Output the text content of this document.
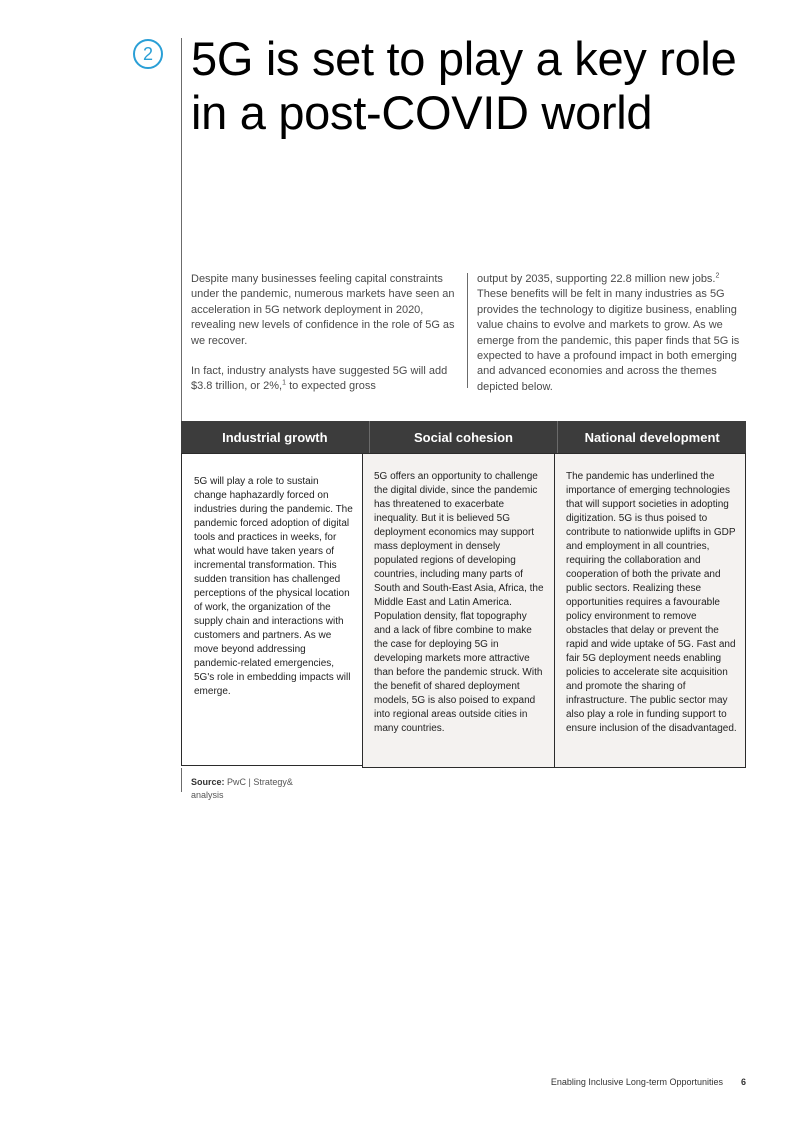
2 5G is set to play a key role in a post-COVID world

Despite many businesses feeling capital constraints under the pandemic, numerous markets have seen an acceleration in 5G network deployment in 2020, revealing new levels of confidence in the role of 5G as we recover.

In fact, industry analysts have suggested 5G will add $3.8 trillion, or 2%,$^1$ to expected gross

output by 2035, supporting 22.8 million new jobs.$^2$ These benefits will be felt in many industries as 5G provides the technology to digitize business, enabling value chains to evolve and markets to grow. As we emerge from the pandemic, this paper finds that 5G is expected to have a profound impact in both emerging and advanced economies and across the themes depicted below.

Industrial growth	Social cohesion	National development

5G will play a role to sustain change haphazardly forced on industries during the pandemic. The pandemic forced adoption of digital tools and practices in weeks, for what would have taken years of incremental transformation. This sudden transition has challenged perceptions of the physical location of work, the organization of the supply chain and interactions with customers and partners. As we move beyond addressing pandemic-related emergencies, 5G's role in embedding impacts will emerge.

5G offers an opportunity to challenge the digital divide, since the pandemic has threatened to exacerbate inequality. But it is believed 5G deployment economics may support mass deployment in densely populated regions of developing countries, including many parts of South and South-East Asia, Africa, the Middle East and Latin America. Population density, flat topography and a lack of fibre combine to make the case for deploying 5G in developing markets more attractive than before the pandemic struck. With the benefit of shared deployment models, 5G is also poised to expand into regional areas outside cities in many countries.

The pandemic has underlined the importance of emerging technologies that will support societies in adopting digitization. 5G is thus poised to contribute to nationwide uplifts in GDP and employment in all countries, requiring the collaboration and cooperation of both the private and public sectors. Realizing these opportunities requires a favourable policy environment to remove obstacles that delay or prevent the rapid and wide uptake of 5G. Fast and fair 5G deployment needs enabling policies to accelerate site acquisition and promote the sharing of infrastructure. The public sector may also play a role in funding support to ensure inclusion of the disadvantaged.

Source: PwC | Strategy& analysis
Enabling Inclusive Long-term Opportunities 6
